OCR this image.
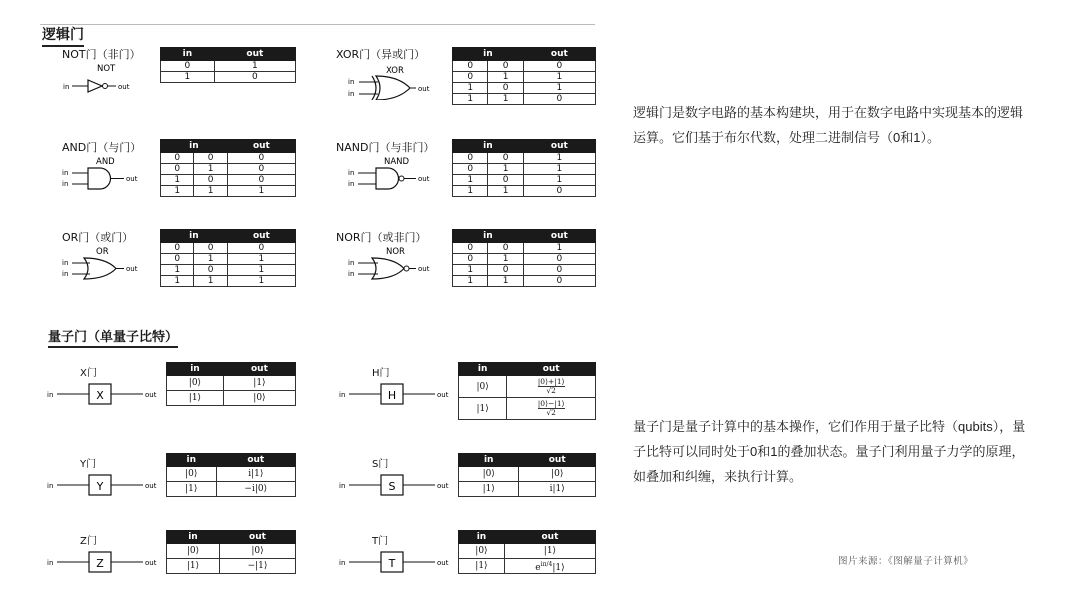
逻辑门
NOT门（非门）
NOT
in	out
in	out
0	1
1	0
XOR门（异或门）
XOR
in
in
out
in		out
0	0	0
0	1	1
1	0	1
1	1	0
AND门（与门）
AND
in
in
out
in		out
0	0	0
0	1	0
1	0	0
1	1	1
NAND门（与非门）
NAND
in
in
out
in		out
0	0	1
0	1	1
1	0	1
1	1	0
OR门（或门）
OR
in
in
out
in		out
0	0	0
0	1	1
1	0	1
1	1	1
NOR门（或非门）
NOR
in
in
out
in		out
0	0	1
0	1	0
1	0	0
1	1	0
量子门（单量子比特）
X门
in	out
X
in	out
|0⟩	|1⟩
|1⟩	|0⟩
H门
in	out
H
in	out
|0⟩	$\frac{|0⟩+|1⟩}{√2}$

|1⟩	$\frac{|0⟩-|1⟩}{√2}$
Y门
in	out
Y
in	out
|0⟩	i|1⟩
|1⟩	−i|0⟩
S门
in	out
S
in	out
|0⟩	|0⟩
|1⟩	i|1⟩
Z门
in	out
Z
in	out
|0⟩	|0⟩
|1⟩	−|1⟩
T门
in	out
T
in	out
|0⟩	|1⟩
|1⟩	$e^{i\pi/4}|1⟩$
逻辑门是数字电路的基本构建块，用于在数字电路中实现基本的逻辑运算。它们基于布尔代数，处理二进制信号（0和1）。
量子门是量子计算中的基本操作，它们作用于量子比特（qubits），量子比特可以同时处于0和1的叠加状态。量子门利用量子力学的原理，如叠加和纠缠，来执行计算。
图片来源：《图解量子计算机》
